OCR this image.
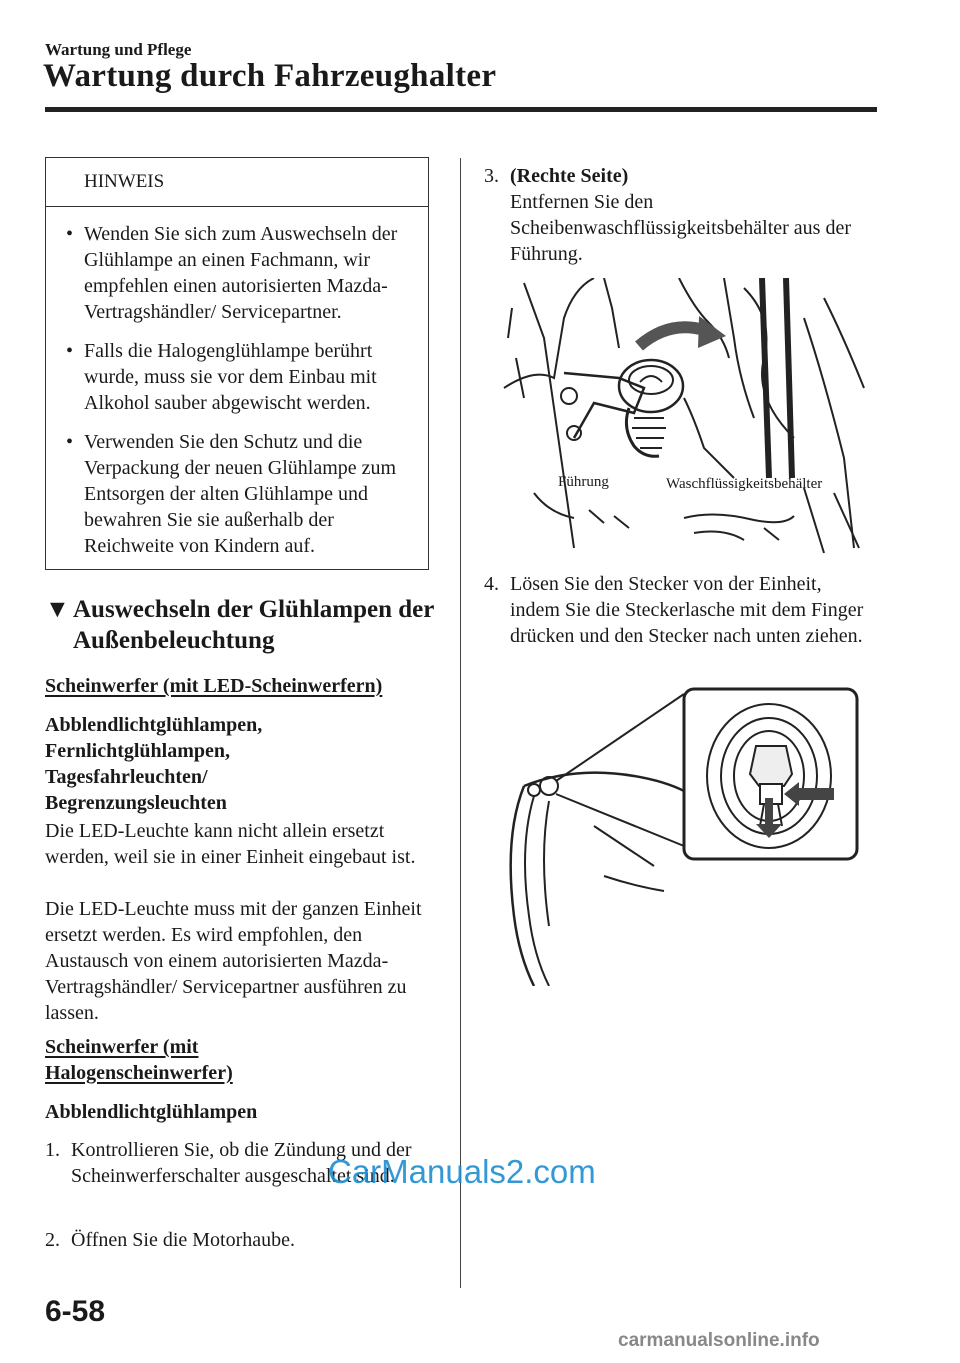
Wartung und Pflege
Wartung durch Fahrzeughalter
HINWEIS
• Wenden Sie sich zum Auswechseln der Glühlampe an einen Fachmann, wir empfehlen einen autorisierten Mazda-Vertragshändler/ Servicepartner.
• Falls die Halogenglühlampe berührt wurde, muss sie vor dem Einbau mit Alkohol sauber abgewischt werden.
• Verwenden Sie den Schutz und die Verpackung der neuen Glühlampe zum Entsorgen der alten Glühlampe und bewahren Sie sie außerhalb der Reichweite von Kindern auf.
▼ Auswechseln der Glühlampen der Außenbeleuchtung

Scheinwerfer (mit LED-Scheinwerfern)

Abblendlichtglühlampen, Fernlichtglühlampen, Tagesfahrleuchten/ Begrenzungsleuchten

Die LED-Leuchte kann nicht allein ersetzt werden, weil sie in einer Einheit eingebaut ist.

Die LED-Leuchte muss mit der ganzen Einheit ersetzt werden. Es wird empfohlen, den Austausch von einem autorisierten Mazda-Vertragshändler/ Servicepartner ausführen zu lassen.

Scheinwerfer (mit

Halogenscheinwerfer)

Abblendlichtglühlampen

1. Kontrollieren Sie, ob die Zündung und der Scheinwerferschalter ausgeschaltet sind.
2. Öffnen Sie die Motorhaube.
3. (Rechte Seite)
Entfernen Sie den Scheibenwaschflüssigkeitsbehälter aus der Führung.
Führung	Waschflüssigkeitsbehälter
4. Lösen Sie den Stecker von der Einheit, indem Sie die Steckerlasche mit dem Finger drücken und den Stecker nach unten ziehen.
6-58
CarManuals2.com
carmanualsonline.info
